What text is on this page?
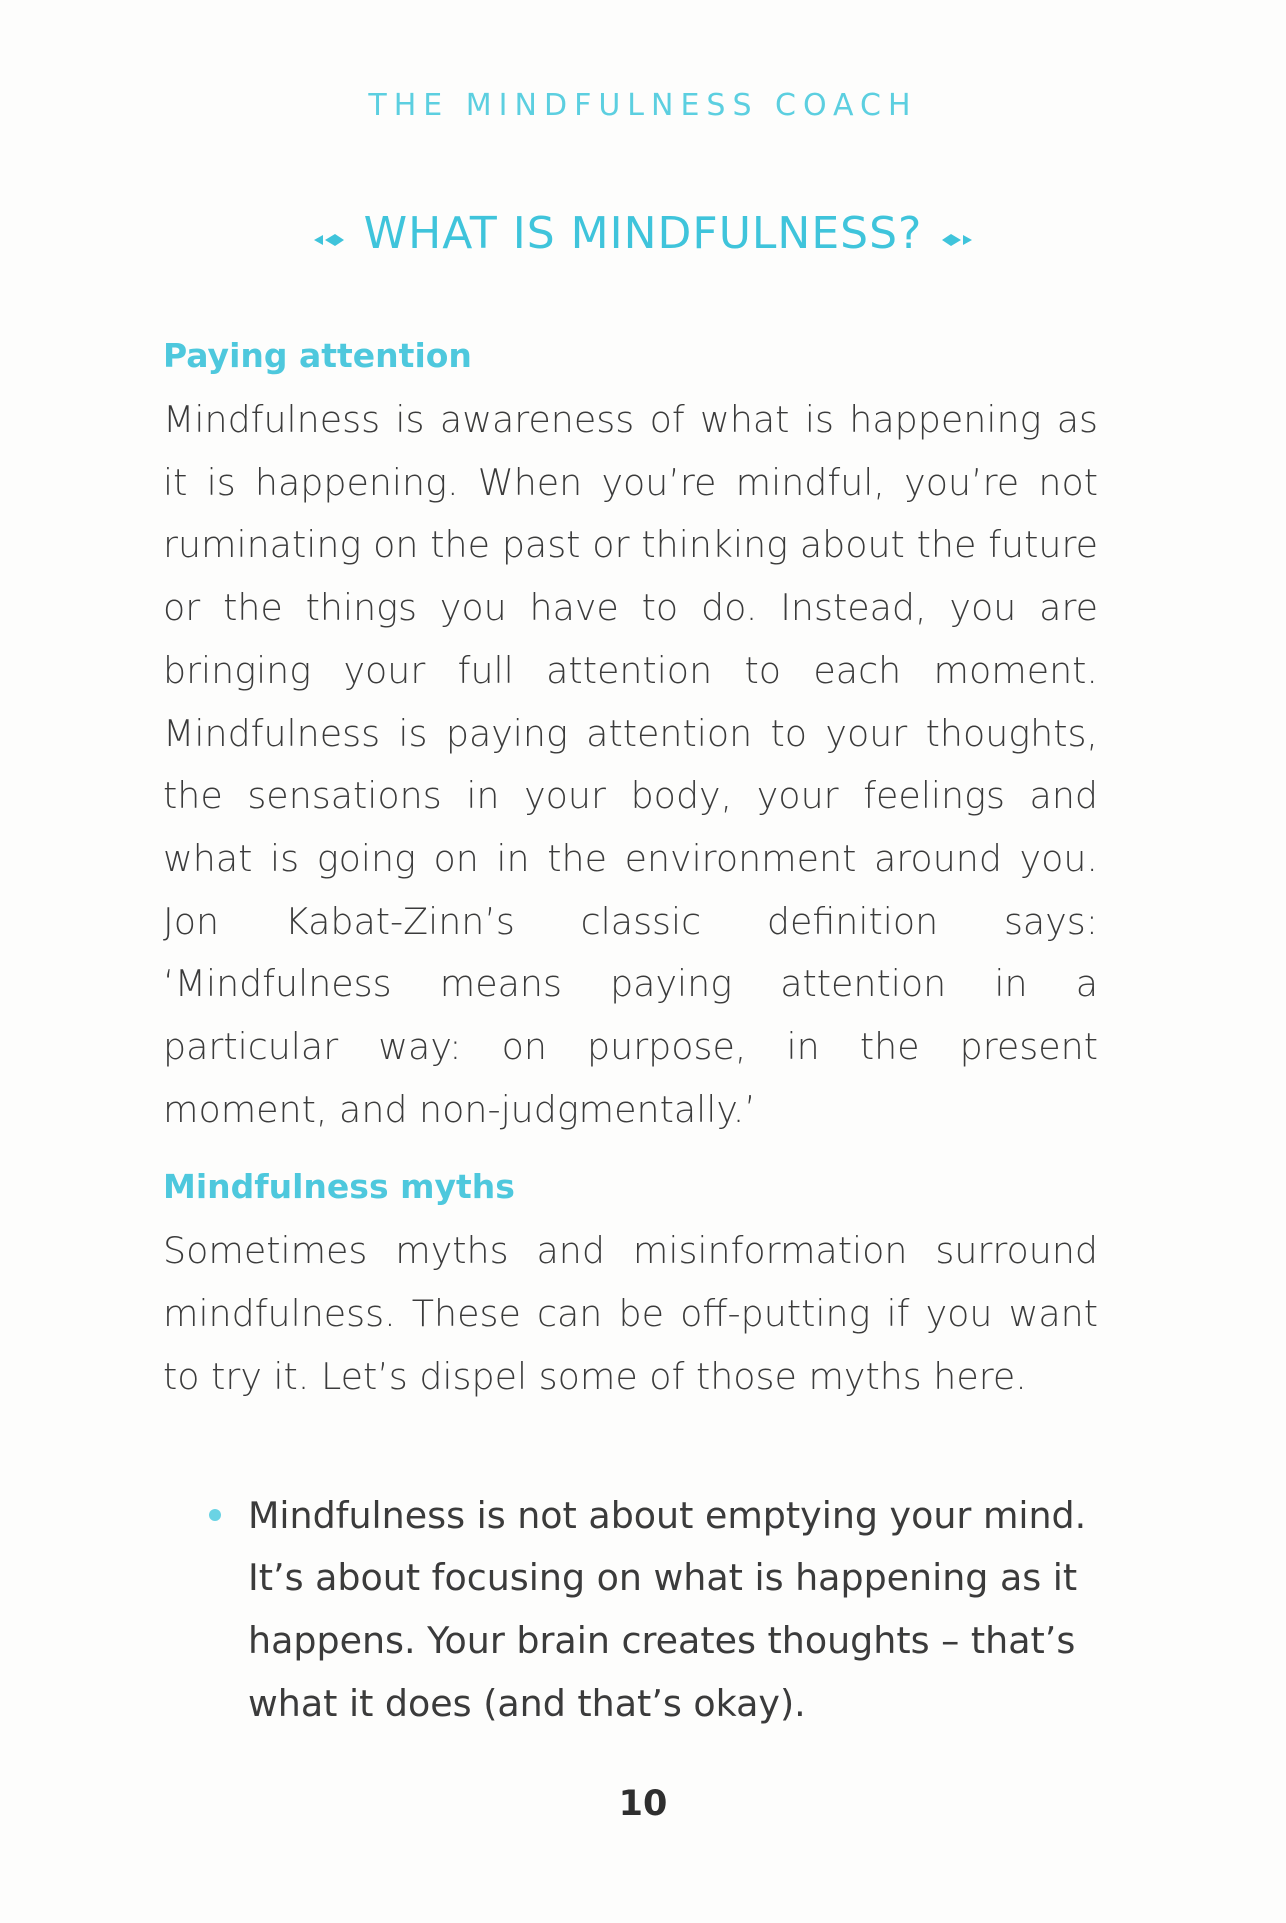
THE MINDFULNESS COACH
WHAT IS MINDFULNESS?
Paying attention

Mindfulness is awareness of what is happening as it is happening. When you’re mindful, you’re not ruminating on the past or thinking about the future or the things you have to do. Instead, you are bringing your full attention to each moment. Mindfulness is paying attention to your thoughts, the sensations in your body, your feelings and what is going on in the environment around you. Jon Kabat-Zinn’s classic definition says: ‘Mindfulness means paying attention in a particular way: on purpose, in the present moment, and non-judgmentally.’

Mindfulness myths

Sometimes myths and misinformation surround mindfulness. These can be off-putting if you want to try it. Let’s dispel some of those myths here.

Mindfulness is not about emptying your mind. It’s about focusing on what is happening as it happens. Your brain creates thoughts – that’s what it does (and that’s okay).
10
